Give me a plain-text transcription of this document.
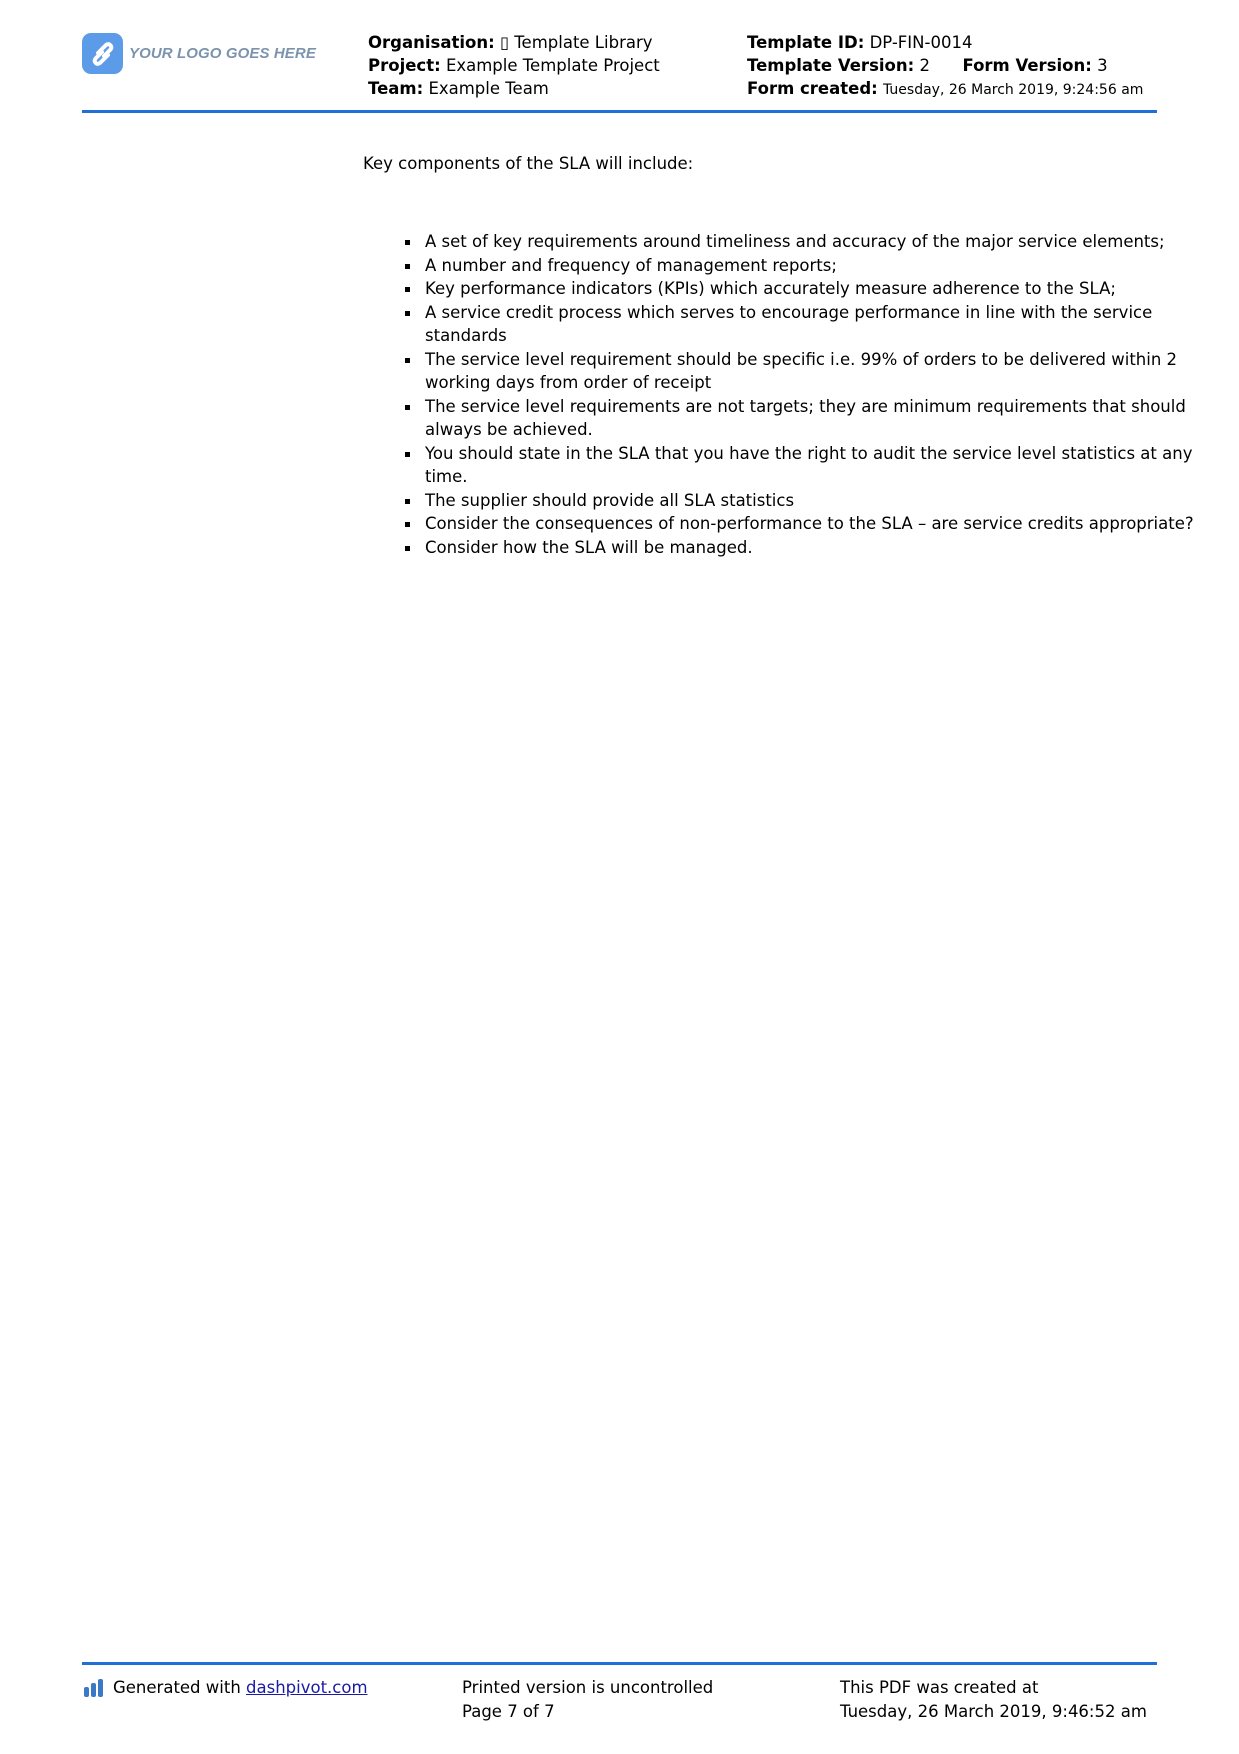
YOUR LOGO GOES HERE
Organisation: ▯ Template Library
Project: Example Template Project
Team: Example Team
Template ID: DP-FIN-0014
Template Version: 2 Form Version: 3
Form created: Tuesday, 26 March 2019, 9:24:56 am
Key components of the SLA will include:
A set of key requirements around timeliness and accuracy of the major service elements;
A number and frequency of management reports;
Key performance indicators (KPIs) which accurately measure adherence to the SLA;
A service credit process which serves to encourage performance in line with the service standards
The service level requirement should be specific i.e. 99% of orders to be delivered within 2 working days from order of receipt
The service level requirements are not targets; they are minimum requirements that should always be achieved.
You should state in the SLA that you have the right to audit the service level statistics at any time.
The supplier should provide all SLA statistics
Consider the consequences of non-performance to the SLA – are service credits appropriate?
Consider how the SLA will be managed.
Generated with dashpivot.com	Printed version is uncontrolled
Page 7 of 7
This PDF was created at
Tuesday, 26 March 2019, 9:46:52 am
